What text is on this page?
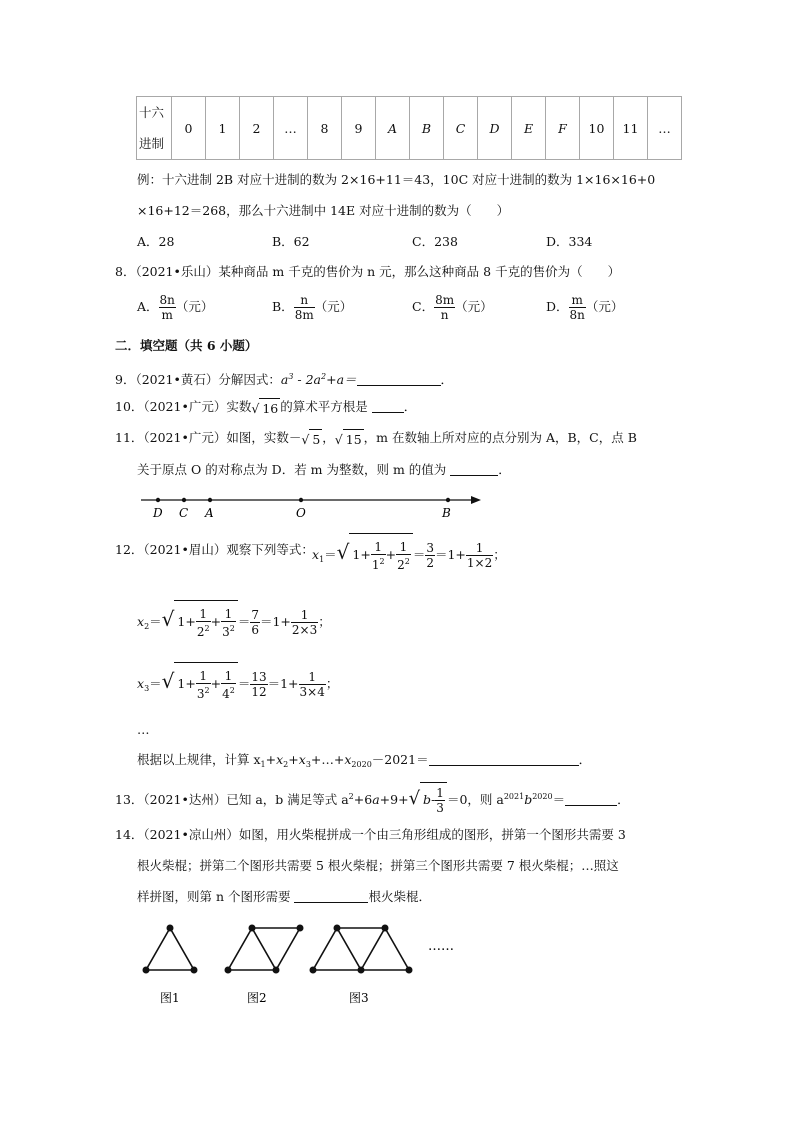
十六
进制	0	1	2	…	8	9	A	B	C	D	E	F	10	11	…
例：十六进制 2B 对应十进制的数为 2×16+11＝43，10C 对应十进制的数为 1×16×16+0
×16+12＝268，那么十六进制中 14E 对应十进制的数为（　　）
A．28	B．62	C．238	D．334
8．（2021•乐山）某种商品 m 千克的售价为 n 元，那么这种商品 8 千克的售价为（　　）
A． $\frac{8n}{m}$ （元）	B． $\frac{n}{8m}$ （元）	C． $\frac{8m}{n}$ （元）	D． $\frac{m}{8n}$ （元）
二．填空题（共 6 小题）
9．（2021•黄石）分解因式：$a^3 - 2a^2+a=$	．
10．（2021•广元）实数√ 16 的算术平方根是	．
11．（2021•广元）如图，实数－√ 5 ，√ 15 ，m 在数轴上所对应的点分别为 A，B，C，点 B
关于原点 O 的对称点为 D．若 m 为整数，则 m 的值为	．
D C A	O	B
12．（2021•眉山）观察下列等式：
$x_1=√$ $1+ \frac{1}{1^2} + \frac{1}{2^2} = \frac{3}{2} =1+ \frac{1}{1\times 2}$ ；
$x_2=√$ $1+ \frac{1}{2^2} + \frac{1}{3^2} = \frac{7}{6} =1+ \frac{1}{2\times 3}$ ；
$x_3=√$ $1+ \frac{1}{3^2} + \frac{1}{4^2} = \frac{13}{12} =1+ \frac{1}{3\times 4}$ ；
…
根据以上规律，计算 $x_1+x_2+x_3+\dots+x_{2020}-2021=$	．
13．（2021•达州）已知 a，b 满足等式 $a^2+6a+9+√$ $b- \frac{1}{3} =0$，则 $a^{2021}b^{2020}=$	．
14．（2021•凉山州）如图，用火柴棍拼成一个由三角形组成的图形，拼第一个图形共需要 3
根火柴棍；拼第二个图形共需要 5 根火柴棍；拼第三个图形共需要 7 根火柴棍；…照这
样拼图，则第 n 个图形需要	根火柴棍．
……
图1	图2	图3
